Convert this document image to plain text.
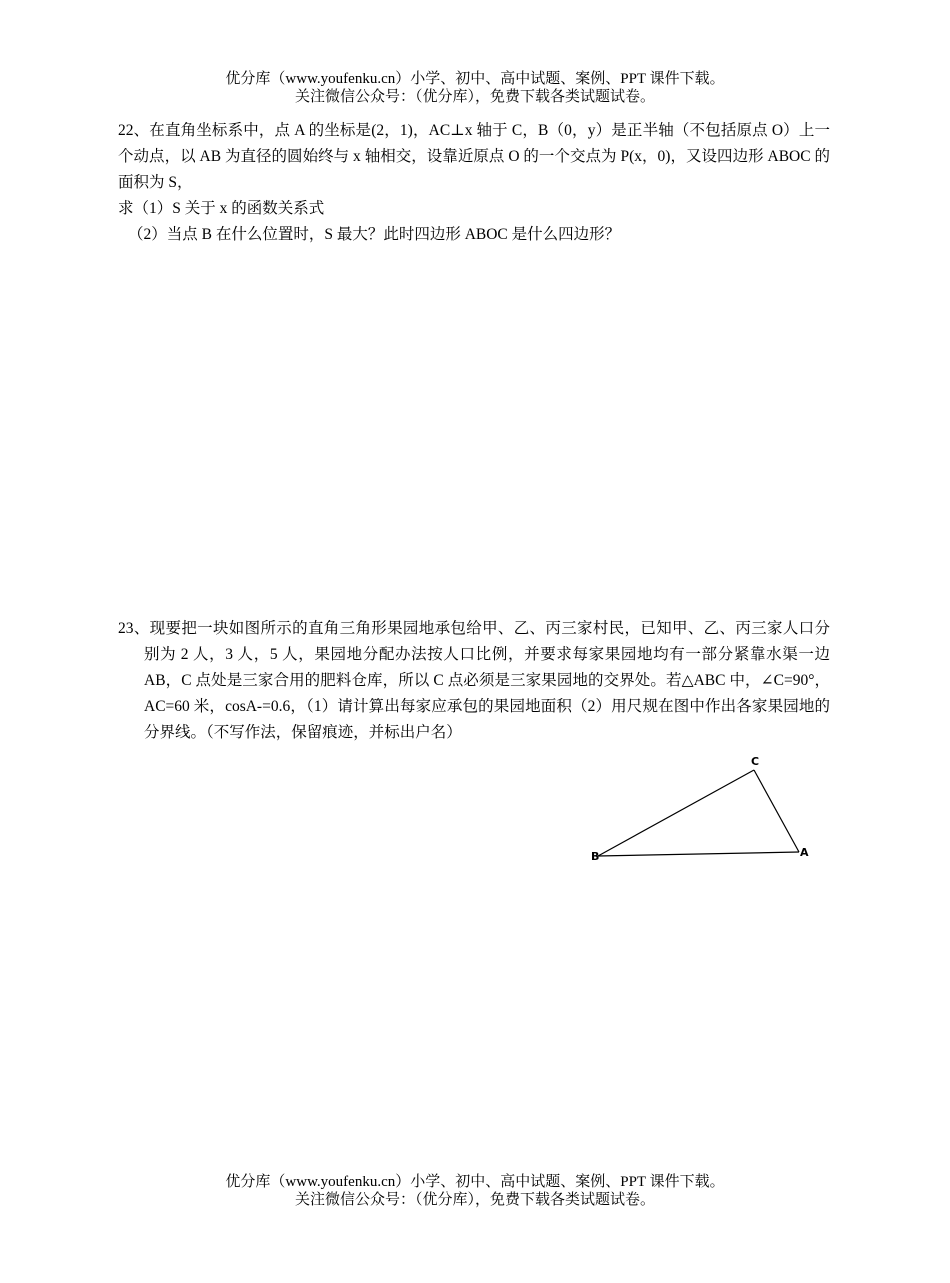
优分库（www.youfenku.cn）小学、初中、高中试题、案例、PPT 课件下载。
关注微信公众号：（优分库），免费下载各类试题试卷。
22、在直角坐标系中，点 A 的坐标是(2，1)，AC⊥x 轴于 C，B（0，y）是正半轴（不包括原点 O）上一个动点，以 AB 为直径的圆始终与 x 轴相交，设靠近原点 O 的一个交点为 P(x，0)，又设四边形 ABOC 的面积为 S，
求（1）S 关于 x 的函数关系式
（2）当点 B 在什么位置时，S 最大？此时四边形 ABOC 是什么四边形？
23、现要把一块如图所示的直角三角形果园地承包给甲、乙、丙三家村民，已知甲、乙、丙三家人口分别为 2 人，3 人，5 人，果园地分配办法按人口比例，并要求每家果园地均有一部分紧靠水渠一边 AB，C 点处是三家合用的肥料仓库，所以 C 点必须是三家果园地的交界处。若△ABC 中，∠C=90°，AC=60 米，cosA-=0.6，（1）请计算出每家应承包的果园地面积（2）用尺规在图中作出各家果园地的分界线。（不写作法，保留痕迹，并标出户名）
C
B	A
优分库（www.youfenku.cn）小学、初中、高中试题、案例、PPT 课件下载。
关注微信公众号：（优分库），免费下载各类试题试卷。
